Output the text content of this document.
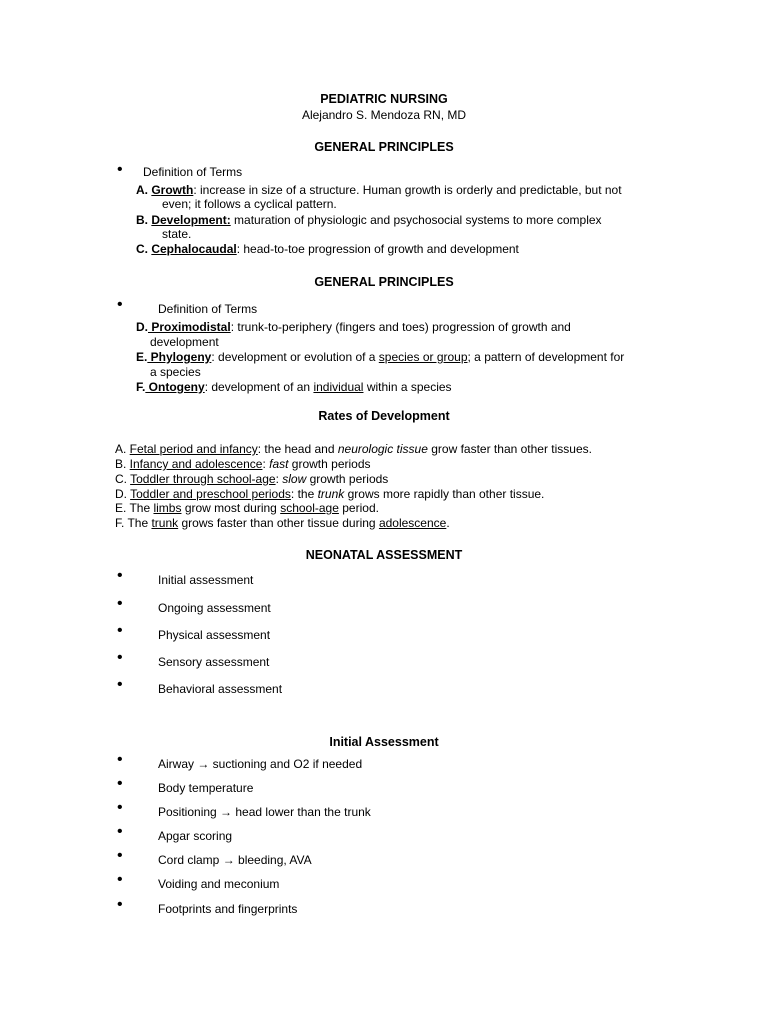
PEDIATRIC NURSING
Alejandro S. Mendoza RN, MD
GENERAL PRINCIPLES
• Definition of Terms
A. Growth: increase in size of a structure. Human growth is orderly and predictable, but not
even; it follows a cyclical pattern.
B. Development: maturation of physiologic and psychosocial systems to more complex
state.
C. Cephalocaudal: head-to-toe progression of growth and development
GENERAL PRINCIPLES
•	Definition of Terms
D. Proximodistal: trunk-to-periphery (fingers and toes) progression of growth and
development
E. Phylogeny: development or evolution of a species or group; a pattern of development for
a species
F. Ontogeny: development of an individual within a species
Rates of Development
A. Fetal period and infancy: the head and neurologic tissue grow faster than other tissues.
B. Infancy and adolescence: fast growth periods
C. Toddler through school-age: slow growth periods
D. Toddler and preschool periods: the trunk grows more rapidly than other tissue.
E. The limbs grow most during school-age period.
F. The trunk grows faster than other tissue during adolescence.
NEONATAL ASSESSMENT
•	Initial assessment
•	Ongoing assessment
•	Physical assessment
•	Sensory assessment
•	Behavioral assessment
Initial Assessment
•	Airway → suctioning and O2 if needed
•	Body temperature
•	Positioning → head lower than the trunk
•	Apgar scoring
•	Cord clamp → bleeding, AVA
•	Voiding and meconium
•	Footprints and fingerprints
